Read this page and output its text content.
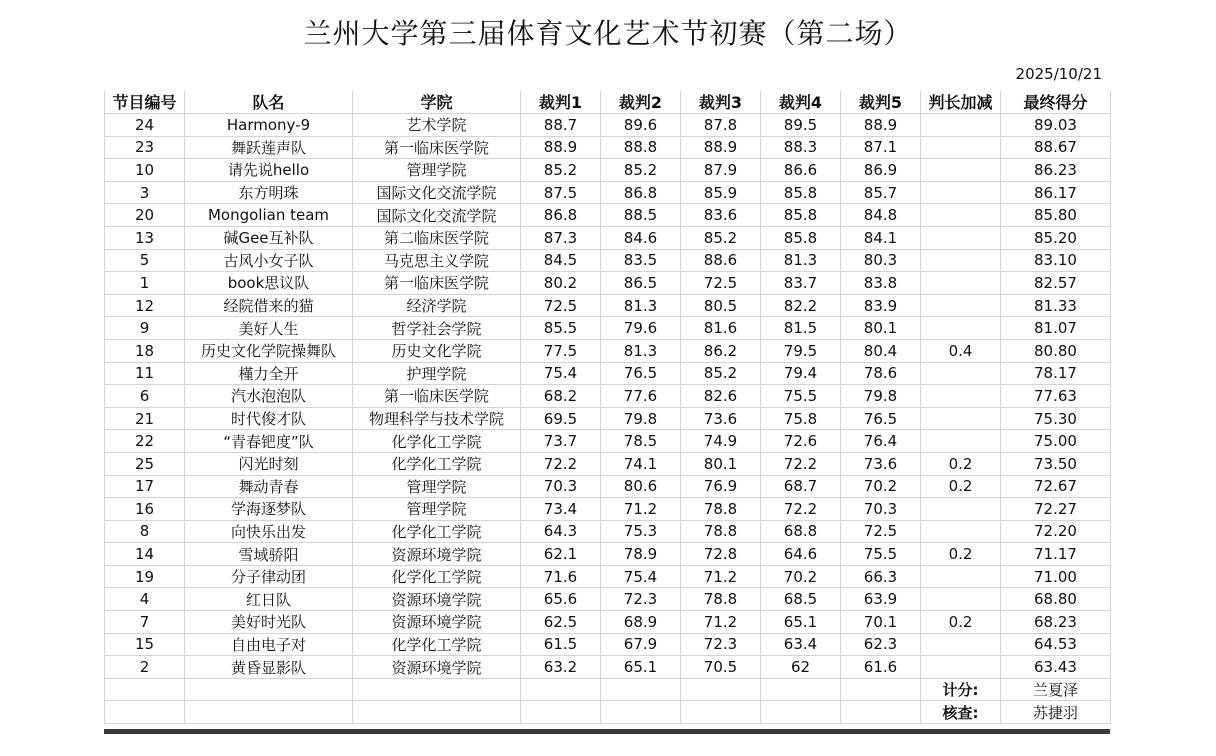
兰州大学第三届体育文化艺术节初赛（第二场）
2025/10/21
节目编号	队名	学院	裁判1	裁判2	裁判3	裁判4	裁判5	判长加减	最终得分
24	Harmony-9	艺术学院	88.7	89.6	87.8	89.5	88.9		89.03
23	舞跃莲声队	第一临床医学院	88.9	88.8	88.9	88.3	87.1		88.67
10	请先说hello	管理学院	85.2	85.2	87.9	86.6	86.9		86.23
3	东方明珠	国际文化交流学院	87.5	86.8	85.9	85.8	85.7		86.17
20	Mongolian team	国际文化交流学院	86.8	88.5	83.6	85.8	84.8		85.80
13	碱Gee互补队	第二临床医学院	87.3	84.6	85.2	85.8	84.1		85.20
5	古风小女子队	马克思主义学院	84.5	83.5	88.6	81.3	80.3		83.10
1	book思议队	第一临床医学院	80.2	86.5	72.5	83.7	83.8		82.57
12	经院借来的猫	经济学院	72.5	81.3	80.5	82.2	83.9		81.33
9	美好人生	哲学社会学院	85.5	79.6	81.6	81.5	80.1		81.07
18	历史文化学院操舞队	历史文化学院	77.5	81.3	86.2	79.5	80.4	0.4	80.80
11	槿力全开	护理学院	75.4	76.5	85.2	79.4	78.6		78.17
6	汽水泡泡队	第一临床医学院	68.2	77.6	82.6	75.5	79.8		77.63
21	时代俊才队	物理科学与技术学院	69.5	79.8	73.6	75.8	76.5		75.30
22	“青春钯度”队	化学化工学院	73.7	78.5	74.9	72.6	76.4		75.00
25	闪光时刻	化学化工学院	72.2	74.1	80.1	72.2	73.6	0.2	73.50
17	舞动青春	管理学院	70.3	80.6	76.9	68.7	70.2	0.2	72.67
16	学海逐梦队	管理学院	73.4	71.2	78.8	72.2	70.3		72.27
8	向快乐出发	化学化工学院	64.3	75.3	78.8	68.8	72.5		72.20
14	雪域骄阳	资源环境学院	62.1	78.9	72.8	64.6	75.5	0.2	71.17
19	分子律动团	化学化工学院	71.6	75.4	71.2	70.2	66.3		71.00
4	红日队	资源环境学院	65.6	72.3	78.8	68.5	63.9		68.80
7	美好时光队	资源环境学院	62.5	68.9	71.2	65.1	70.1	0.2	68.23
15	自由电子对	化学化工学院	61.5	67.9	72.3	63.4	62.3		64.53
2	黄昏显影队	资源环境学院	63.2	65.1	70.5	62	61.6		63.43
								计分:	兰夏泽
								核查:	苏捷羽
